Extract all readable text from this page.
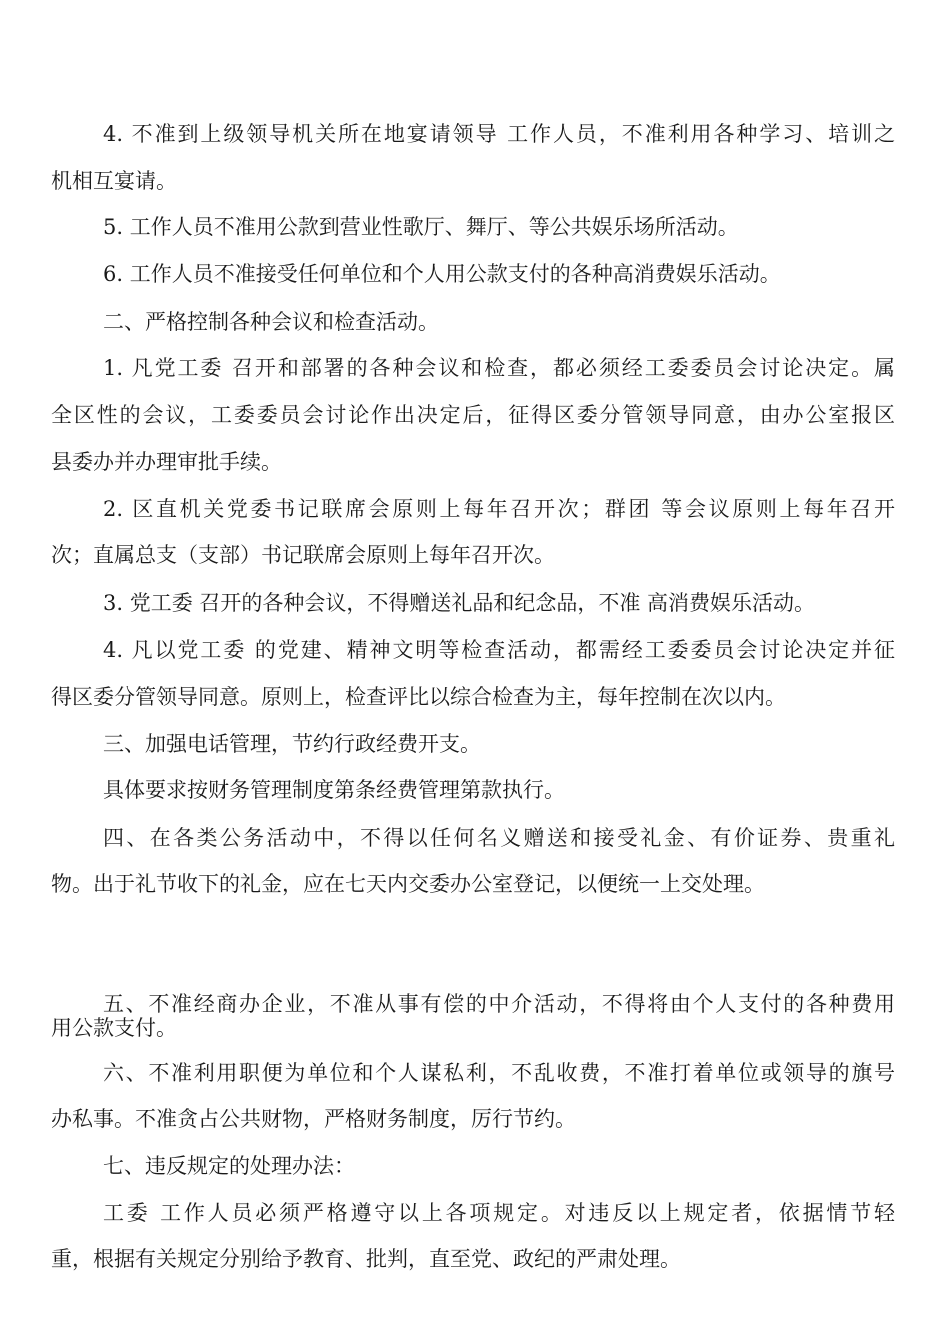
4. 不准到上级领导机关所在地宴请领导 工作人员，不准利用各种学习、培训之
机相互宴请。
5. 工作人员不准用公款到营业性歌厅、舞厅、等公共娱乐场所活动。
6. 工作人员不准接受任何单位和个人用公款支付的各种高消费娱乐活动。
二、严格控制各种会议和检查活动。
1. 凡党工委 召开和部署的各种会议和检查，都必须经工委委员会讨论决定。属
全区性的会议，工委委员会讨论作出决定后，征得区委分管领导同意，由办公室报区
县委办并办理审批手续。
2. 区直机关党委书记联席会原则上每年召开次；群团 等会议原则上每年召开
次；直属总支（支部）书记联席会原则上每年召开次。
3. 党工委 召开的各种会议，不得赠送礼品和纪念品，不准 高消费娱乐活动。
4. 凡以党工委 的党建、精神文明等检查活动，都需经工委委员会讨论决定并征
得区委分管领导同意。原则上，检查评比以综合检查为主，每年控制在次以内。
三、加强电话管理，节约行政经费开支。
具体要求按财务管理制度第条经费管理第款执行。
四、在各类公务活动中，不得以任何名义赠送和接受礼金、有价证券、贵重礼
物。出于礼节收下的礼金，应在七天内交委办公室登记，以便统一上交处理。
五、不准经商办企业，不准从事有偿的中介活动，不得将由个人支付的各种费用
用公款支付。
六、不准利用职便为单位和个人谋私利，不乱收费，不准打着单位或领导的旗号
办私事。不准贪占公共财物，严格财务制度，厉行节约。
七、违反规定的处理办法：
工委 工作人员必须严格遵守以上各项规定。对违反以上规定者，依据情节轻
重，根据有关规定分别给予教育、批判，直至党、政纪的严肃处理。
